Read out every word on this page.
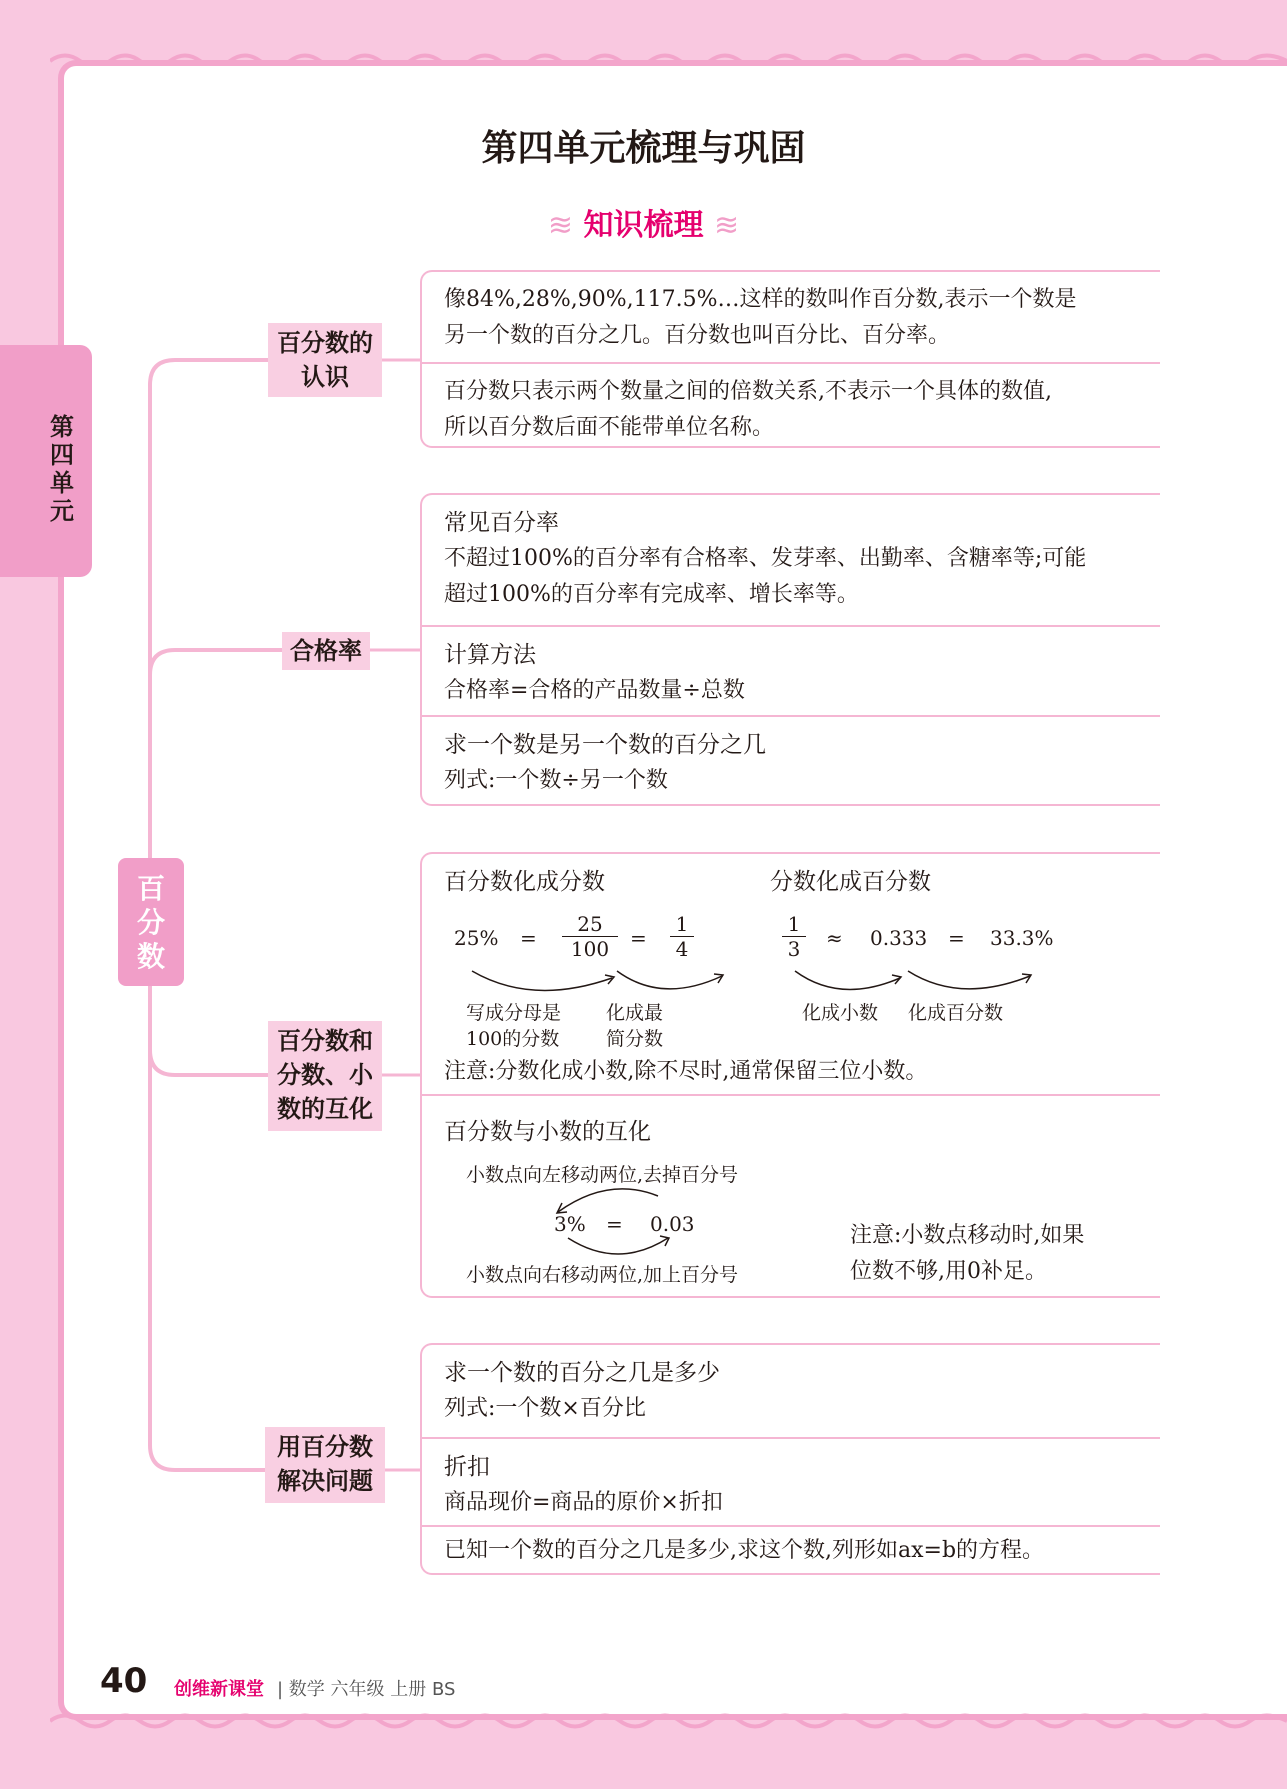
第四单元
第四单元梳理与巩固
≋ 知识梳理 ≋
百分数
百分数的认识
合格率
百分数和分数、小数的互化
用百分数解决问题
像84%,28%,90%,117.5%…这样的数叫作百分数,表示一个数是
另一个数的百分之几。百分数也叫百分比、百分率。
百分数只表示两个数量之间的倍数关系,不表示一个具体的数值,
所以百分数后面不能带单位名称。
常见百分率
不超过100%的百分率有合格率、发芽率、出勤率、含糖率等;可能
超过100%的百分率有完成率、增长率等。
计算方法
合格率=合格的产品数量÷总数
求一个数是另一个数的百分之几
列式:一个数÷另一个数
百分数化成分数	分数化成百分数
$25\% = \frac{25}{100} = \frac{1}{4}$
写成分母是
100的分数
化成最
简分数
$\frac{1}{3} \approx 0.333 = 33.3\%$
化成小数 化成百分数
注意:分数化成小数,除不尽时,通常保留三位小数。
百分数与小数的互化
小数点向左移动两位,去掉百分号
3% = 0.03
小数点向右移动两位,加上百分号
注意:小数点移动时,如果
位数不够,用0补足。
求一个数的百分之几是多少
列式:一个数×百分比
折扣
商品现价=商品的原价×折扣
已知一个数的百分之几是多少,求这个数,列形如ax=b的方程。
40 创维新课堂 | 数学 六年级 上册 BS
